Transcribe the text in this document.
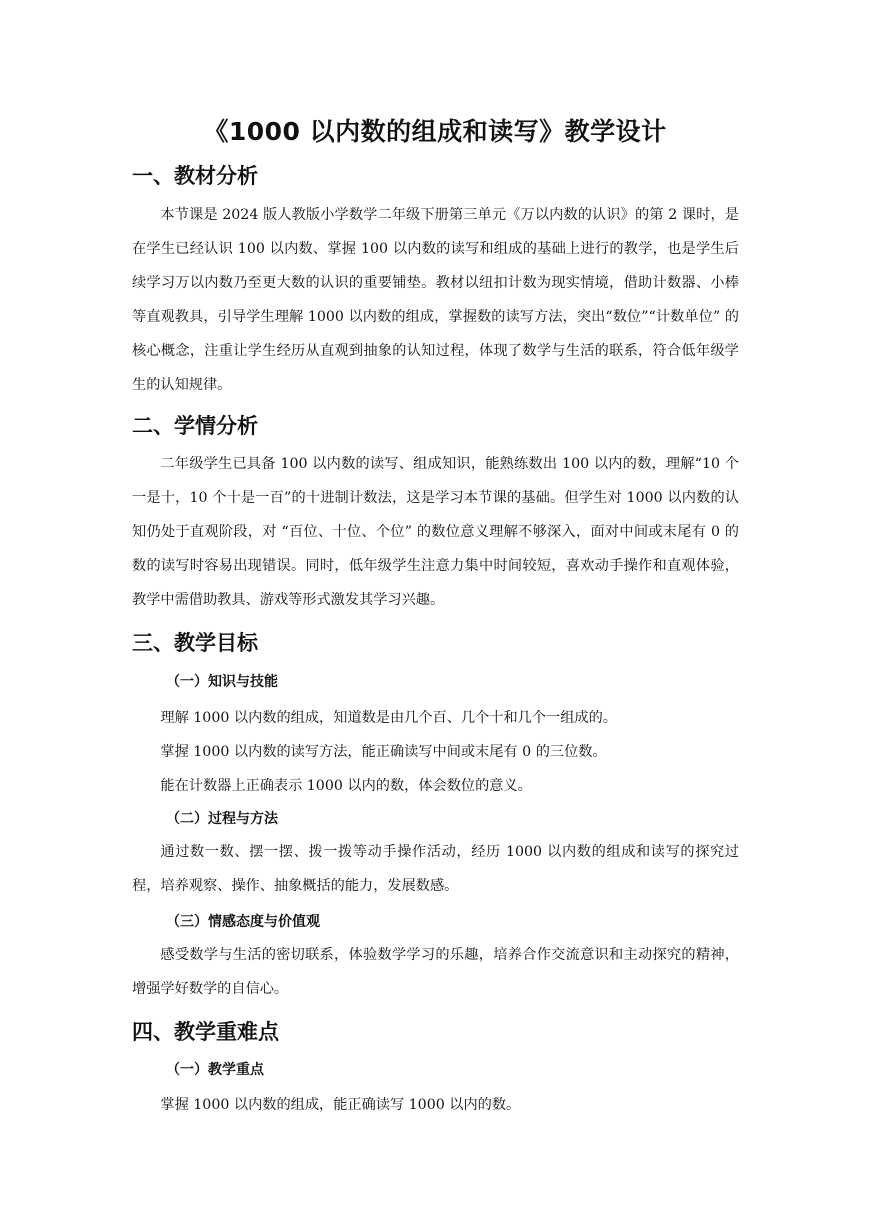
《1000 以内数的组成和读写》教学设计
一、教材分析

本节课是 2024 版人教版小学数学二年级下册第三单元《万以内数的认识》的第 2 课时，是在学生已经认识 100 以内数、掌握 100 以内数的读写和组成的基础上进行的教学，也是学生后续学习万以内数乃至更大数的认识的重要铺垫。教材以纽扣计数为现实情境，借助计数器、小棒等直观教具，引导学生理解 1000 以内数的组成，掌握数的读写方法，突出“数位”“计数单位” 的核心概念，注重让学生经历从直观到抽象的认知过程，体现了数学与生活的联系，符合低年级学生的认知规律。

二、学情分析

二年级学生已具备 100 以内数的读写、组成知识，能熟练数出 100 以内的数，理解“10 个一是十，10 个十是一百”的十进制计数法，这是学习本节课的基础。但学生对 1000 以内数的认知仍处于直观阶段，对 “百位、十位、个位” 的数位意义理解不够深入，面对中间或末尾有 0 的数的读写时容易出现错误。同时，低年级学生注意力集中时间较短，喜欢动手操作和直观体验，教学中需借助教具、游戏等形式激发其学习兴趣。

三、教学目标
（一）知识与技能

理解 1000 以内数的组成，知道数是由几个百、几个十和几个一组成的。

掌握 1000 以内数的读写方法，能正确读写中间或末尾有 0 的三位数。

能在计数器上正确表示 1000 以内的数，体会数位的意义。

（二）过程与方法

通过数一数、摆一摆、拨一拨等动手操作活动，经历 1000 以内数的组成和读写的探究过程，培养观察、操作、抽象概括的能力，发展数感。

（三）情感态度与价值观

感受数学与生活的密切联系，体验数学学习的乐趣，培养合作交流意识和主动探究的精神，增强学好数学的自信心。

四、教学重难点
（一）教学重点

掌握 1000 以内数的组成，能正确读写 1000 以内的数。
